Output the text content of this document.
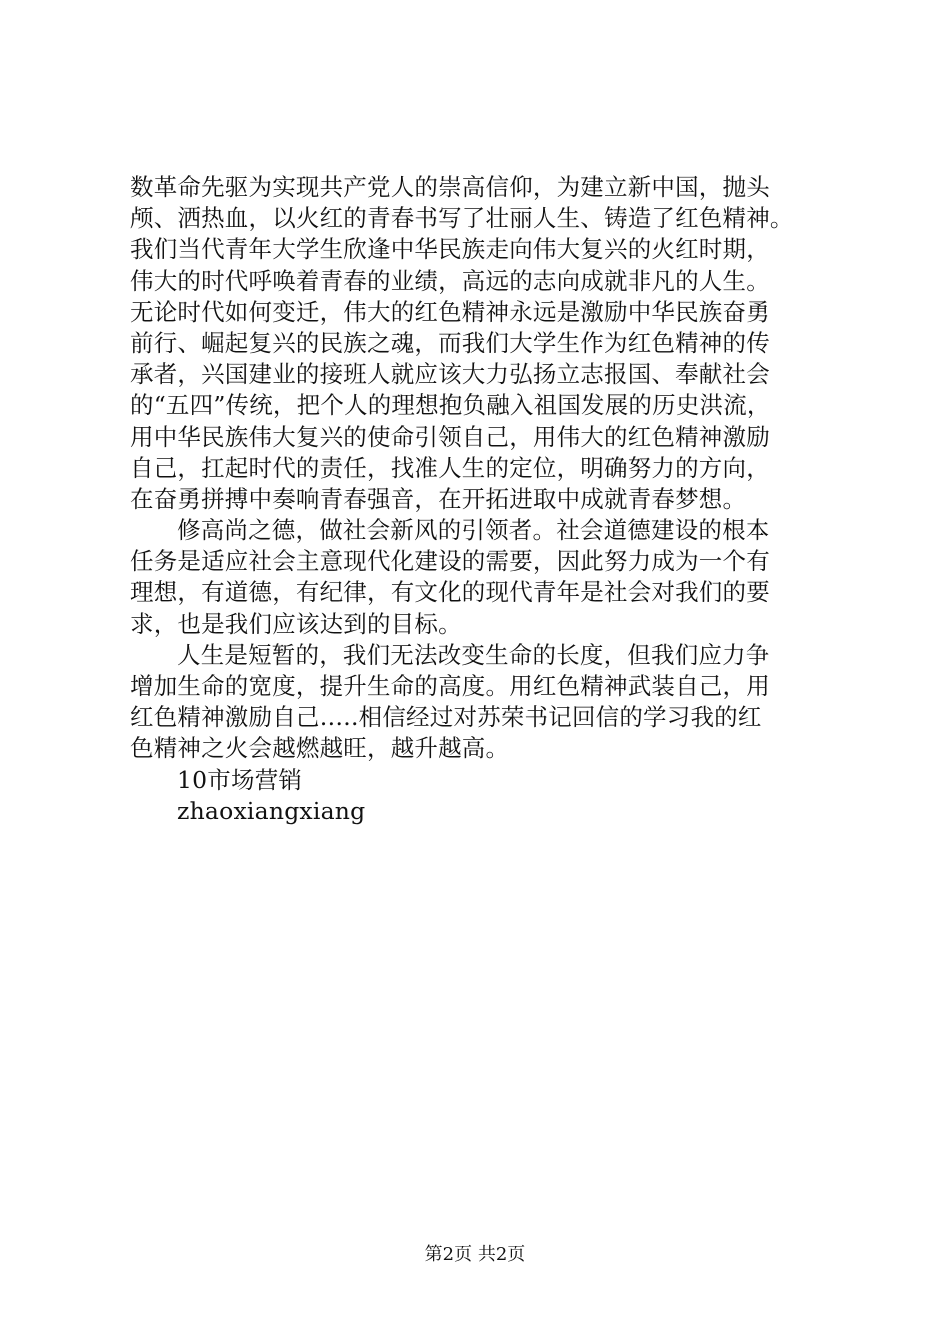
数革命先驱为实现共产党人的崇高信仰，为建立新中国，抛头
颅、洒热血，以火红的青春书写了壮丽人生、铸造了红色精神。
我们当代青年大学生欣逢中华民族走向伟大复兴的火红时期，
伟大的时代呼唤着青春的业绩，高远的志向成就非凡的人生。
无论时代如何变迁，伟大的红色精神永远是激励中华民族奋勇
前行、崛起复兴的民族之魂，而我们大学生作为红色精神的传
承者，兴国建业的接班人就应该大力弘扬立志报国、奉献社会
的“五四”传统，把个人的理想抱负融入祖国发展的历史洪流，
用中华民族伟大复兴的使命引领自己，用伟大的红色精神激励
自己，扛起时代的责任，找准人生的定位，明确努力的方向，
在奋勇拼搏中奏响青春强音，在开拓进取中成就青春梦想。
修高尚之德，做社会新风的引领者。社会道德建设的根本
任务是适应社会主意现代化建设的需要，因此努力成为一个有
理想，有道德，有纪律，有文化的现代青年是社会对我们的要
求，也是我们应该达到的目标。
人生是短暂的，我们无法改变生命的长度，但我们应力争
增加生命的宽度，提升生命的高度。用红色精神武装自己，用
红色精神激励自己…..相信经过对苏荣书记回信的学习我的红
色精神之火会越燃越旺，越升越高。
10市场营销
zhaoxiangxiang
第2页 共2页
